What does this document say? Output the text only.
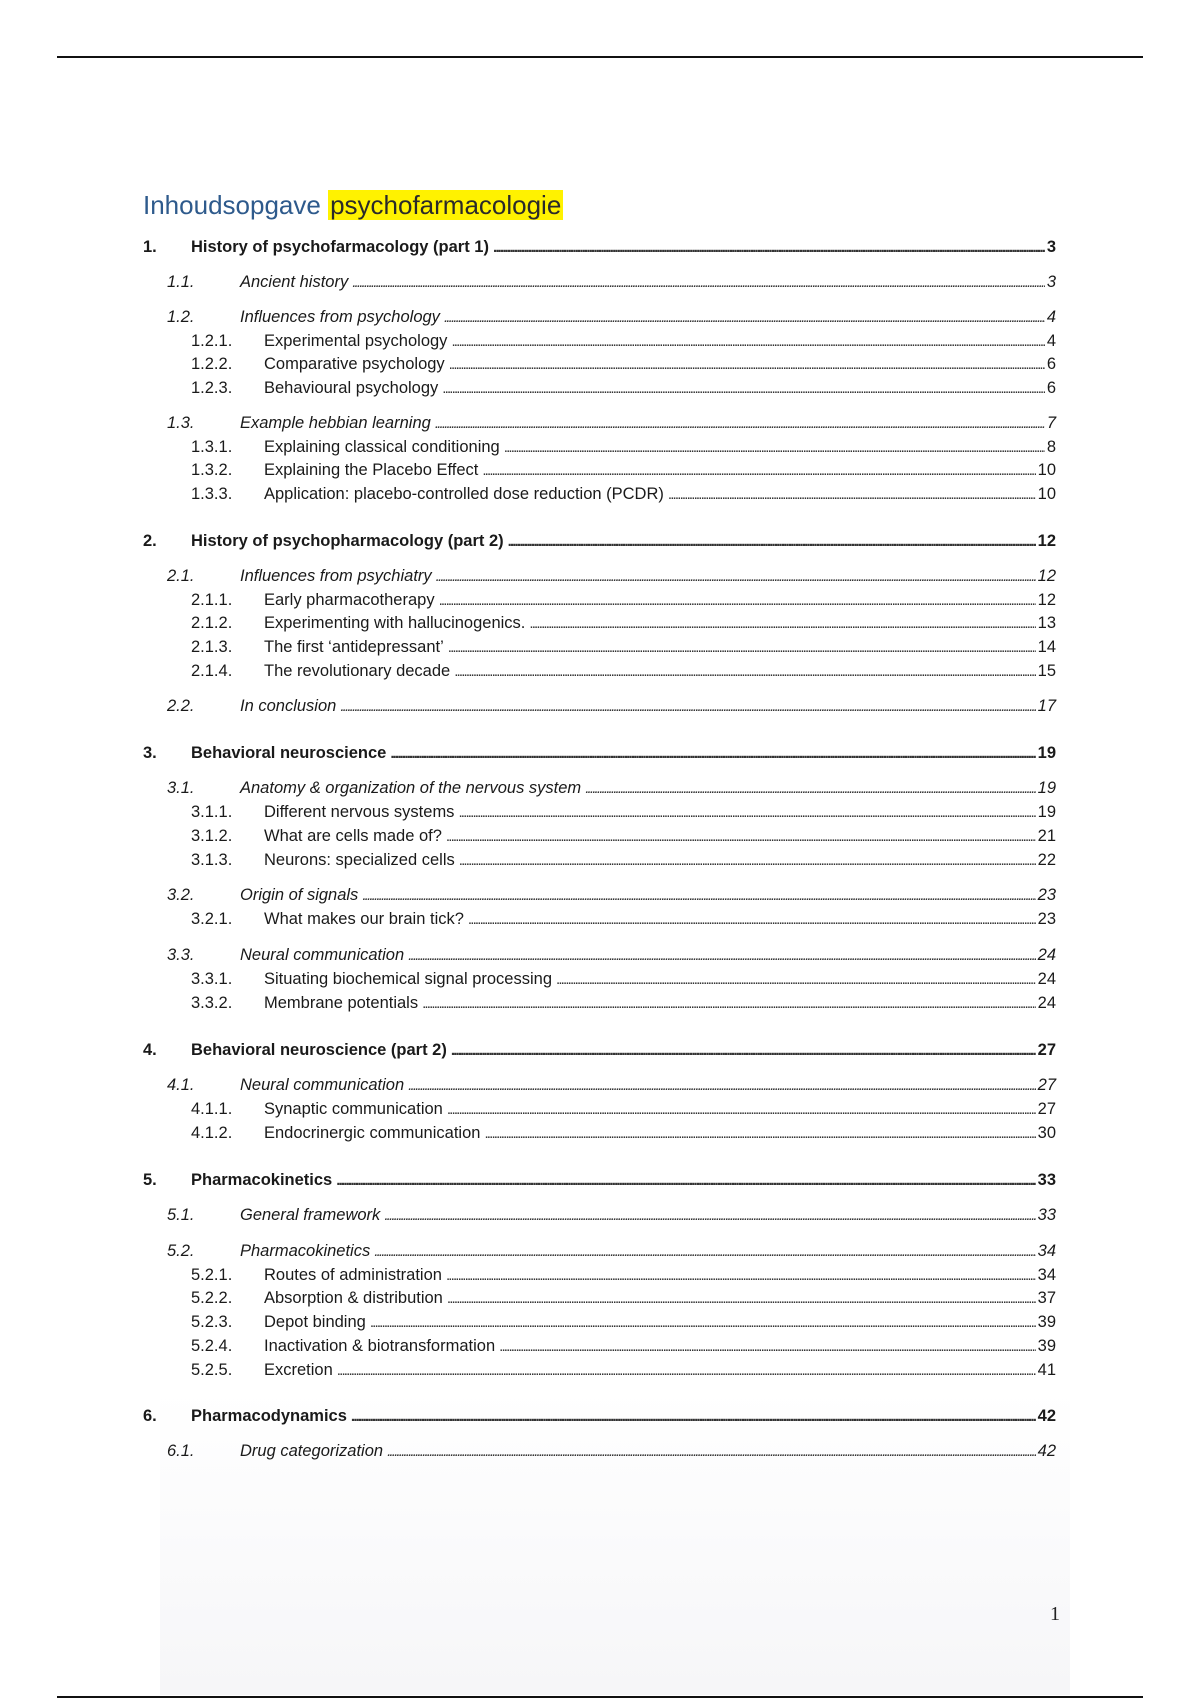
Inhoudsopgave psychofarmacologie
1.	History of psychofarmacology (part 1) . . .	3
1.1.	Ancient history . . .	3
1.2.	Influences from psychology . . .	4
1.2.1.	Experimental psychology . . .	4
1.2.2.	Comparative psychology . . .	6
1.2.3.	Behavioural psychology . . .	6
1.3.	Example hebbian learning . . .	7
1.3.1.	Explaining classical conditioning . . .	8
1.3.2.	Explaining the Placebo Effect . . .	10
1.3.3.	Application: placebo-controlled dose reduction (PCDR) . . .	10
2.	History of psychopharmacology (part 2) . . .	12
2.1.	Influences from psychiatry . . .	12
2.1.1.	Early pharmacotherapy . . .	12
2.1.2.	Experimenting with hallucinogenics. . . .	13
2.1.3.	The first ‘antidepressant’ . . .	14
2.1.4.	The revolutionary decade . . .	15
2.2.	In conclusion . . .	17
3.	Behavioral neuroscience . . .	19
3.1.	Anatomy & organization of the nervous system . . .	19
3.1.1.	Different nervous systems . . .	19
3.1.2.	What are cells made of? . . .	21
3.1.3.	Neurons: specialized cells . . .	22
3.2.	Origin of signals . . .	23
3.2.1.	What makes our brain tick? . . .	23
3.3.	Neural communication . . .	24
3.3.1.	Situating biochemical signal processing . . .	24
3.3.2.	Membrane potentials . . .	24
4.	Behavioral neuroscience (part 2) . . .	27
4.1.	Neural communication . . .	27
4.1.1.	Synaptic communication . . .	27
4.1.2.	Endocrinergic communication . . .	30
5.	Pharmacokinetics . . .	33
5.1.	General framework . . .	33
5.2.	Pharmacokinetics . . .	34
5.2.1.	Routes of administration . . .	34
5.2.2.	Absorption & distribution . . .	37
5.2.3.	Depot binding . . .	39
5.2.4.	Inactivation & biotransformation . . .	39
5.2.5.	Excretion . . .	41
6.	Pharmacodynamics . . .	42
6.1.	Drug categorization . . .	42
1
